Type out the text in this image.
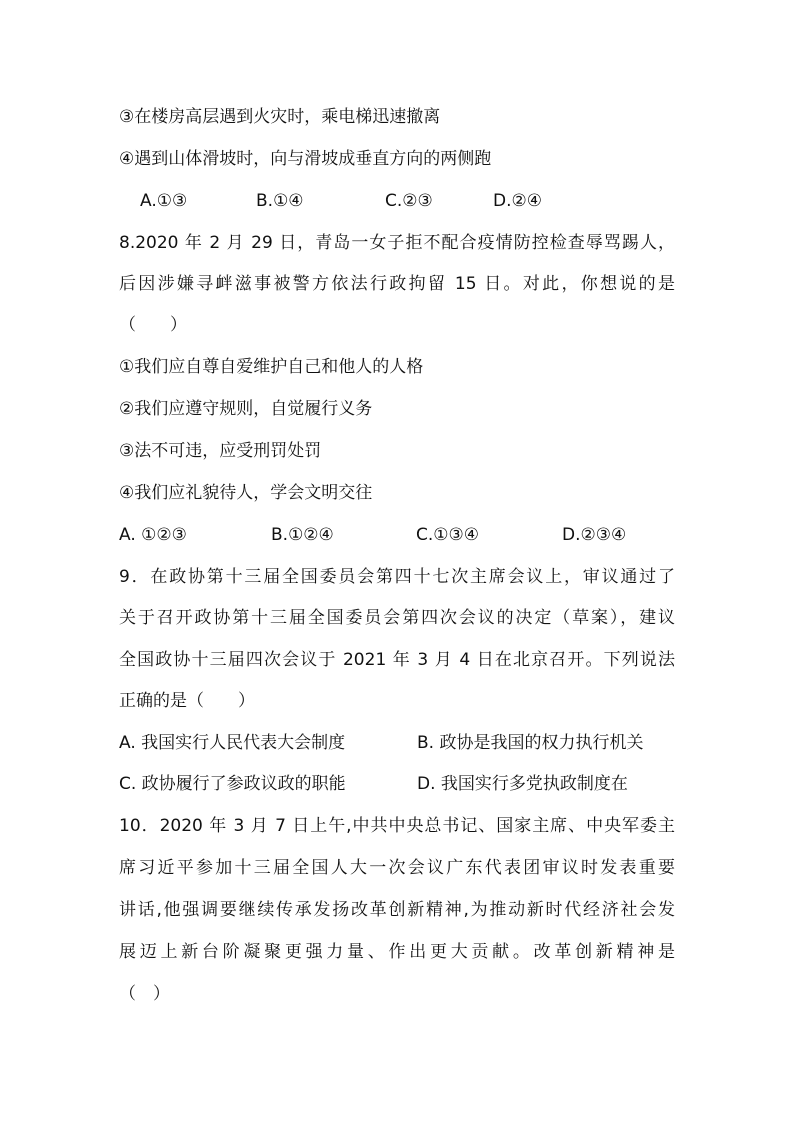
③在楼房高层遇到火灾时，乘电梯迅速撤离
④遇到山体滑坡时，向与滑坡成垂直方向的两侧跑
A.①③	B.①④	C.②③	D.②④
8.2020 年 2 月 29 日，青岛一女子拒不配合疫情防控检查辱骂踢人，
后因涉嫌寻衅滋事被警方依法行政拘留 15 日。对此，你想说的是
（　　）
①我们应自尊自爱维护自己和他人的人格
②我们应遵守规则，自觉履行义务
③法不可违，应受刑罚处罚
④我们应礼貌待人，学会文明交往
A. ①②③	B.①②④	C.①③④	D.②③④
9．在政协第十三届全国委员会第四十七次主席会议上，审议通过了
关于召开政协第十三届全国委员会第四次会议的决定（草案），建议
全国政协十三届四次会议于 2021 年 3 月 4 日在北京召开。下列说法
正确的是（　　）
A. 我国实行人民代表大会制度	B. 政协是我国的权力执行机关
C. 政协履行了参政议政的职能	D. 我国实行多党执政制度在
10．2020 年 3 月 7 日上午,中共中央总书记、国家主席、中央军委主
席习近平参加十三届全国人大一次会议广东代表团审议时发表重要
讲话,他强调要继续传承发扬改革创新精神,为推动新时代经济社会发
展迈上新台阶凝聚更强力量、作出更大贡献。改革创新精神是
（　）
